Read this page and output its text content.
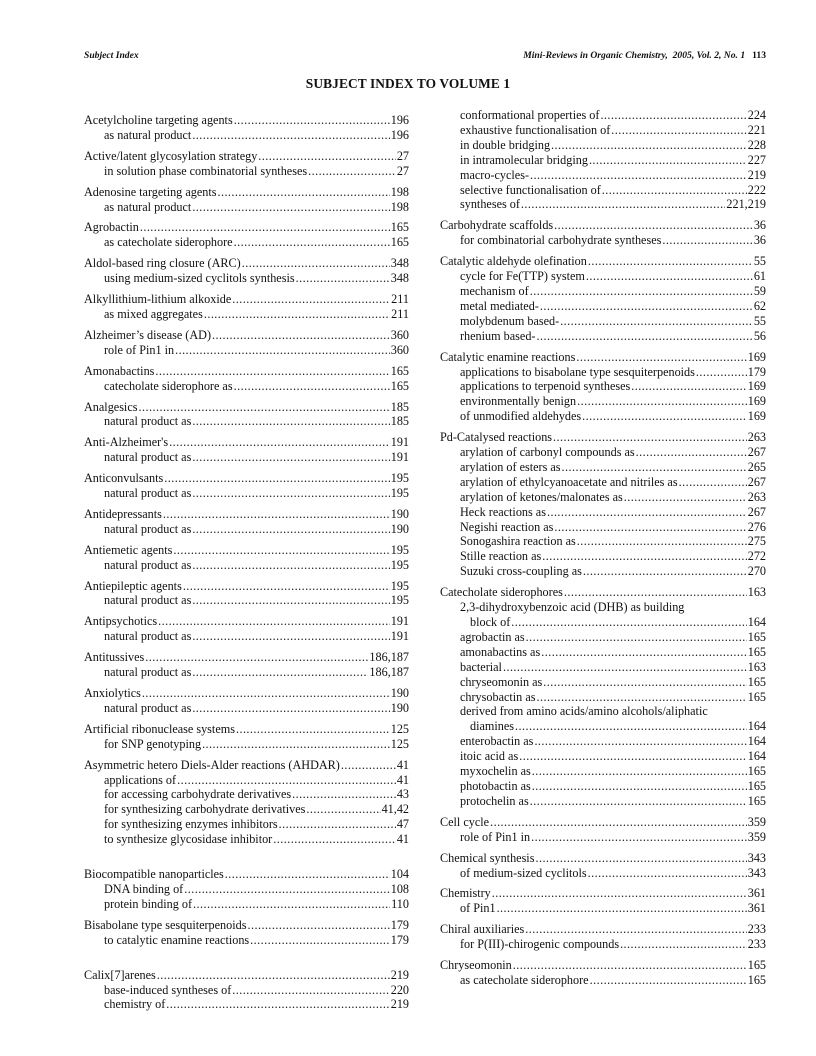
Subject Index	Mini-Reviews in Organic Chemistry,  2005, Vol. 2, No. 1 113
SUBJECT INDEX TO VOLUME 1
Acetylcholine targeting agents . . .	196
as natural product . . .	196
Active/latent glycosylation strategy . . .	27
in solution phase combinatorial syntheses . . .	27
Adenosine targeting agents . . .	198
as natural product . . .	198
Agrobactin . . .	165
as catecholate siderophore . . .	165
Aldol-based ring closure (ARC) . . .	348
using medium-sized cyclitols synthesis . . .	348
Alkyllithium-lithium alkoxide . . .	211
as mixed aggregates . . .	211
Alzheimer’s disease (AD) . . .	360
role of Pin1 in . . .	360
Amonabactins . . .	165
catecholate siderophore as . . .	165
Analgesics . . .	185
natural product as . . .	185
Anti-Alzheimer's . . .	191
natural product as . . .	191
Anticonvulsants . . .	195
natural product as . . .	195
Antidepressants . . .	190
natural product as . . .	190
Antiemetic agents . . .	195
natural product as . . .	195
Antiepileptic agents . . .	195
natural product as . . .	195
Antipsychotics . . .	191
natural product as . . .	191
Antitussives . . .	186,187
natural product as . . .	186,187
Anxiolytics . . .	190
natural product as . . .	190
Artificial ribonuclease systems . . .	125
for SNP genotyping . . .	125
Asymmetric hetero Diels-Alder reactions (AHDAR) . . .	41
applications of . . .	41
for accessing carbohydrate derivatives . . .	43
for synthesizing carbohydrate derivatives . . .	41,42
for synthesizing enzymes inhibitors . . .	47
to synthesize glycosidase inhibitor . . .	41
Biocompatible nanoparticles . . .	104
DNA binding of . . .	108
protein binding of . . .	110
Bisabolane type sesquiterpenoids . . .	179
to catalytic enamine reactions . . .	179
Calix[7]arenes . . .	219
base-induced syntheses of . . .	220
chemistry of . . .	219
conformational properties of . . .	224
exhaustive functionalisation of . . .	221
in double bridging . . .	228
in intramolecular bridging . . .	227
macro-cycles- . . .	219
selective functionalisation of . . .	222
syntheses of . . .	221,219
Carbohydrate scaffolds . . .	36
for combinatorial carbohydrate syntheses . . .	36
Catalytic aldehyde olefination . . .	55
cycle for Fe(TTP) system . . .	61
mechanism of . . .	59
metal mediated- . . .	62
molybdenum based- . . .	55
rhenium based- . . .	56
Catalytic enamine reactions . . .	169
applications to bisabolane type sesquiterpenoids . . .	179
applications to terpenoid syntheses . . .	169
environmentally benign . . .	169
of unmodified aldehydes . . .	169
Pd-Catalysed reactions . . .	263
arylation of carbonyl compounds as . . .	267
arylation of esters as . . .	265
arylation of ethylcyanoacetate and nitriles as . . .	267
arylation of ketones/malonates as . . .	263
Heck reactions as . . .	267
Negishi reaction as . . .	276
Sonogashira reaction as . . .	275
Stille reaction as . . .	272
Suzuki cross-coupling as . . .	270
Catecholate siderophores . . .	163
2,3-dihydroxybenzoic acid (DHB) as building
block of . . .	164
agrobactin as . . .	165
amonabactins as . . .	165
bacterial . . .	163
chryseomonin as . . .	165
chrysobactin as . . .	165
derived from amino acids/amino alcohols/aliphatic
diamines . . .	164
enterobactin as . . .	164
itoic acid as . . .	164
myxochelin as . . .	165
photobactin as . . .	165
protochelin as . . .	165
Cell cycle . . .	359
role of Pin1 in . . .	359
Chemical synthesis . . .	343
of medium-sized cyclitols . . .	343
Chemistry . . .	361
of Pin1 . . .	361
Chiral auxiliaries . . .	233
for P(III)-chirogenic compounds . . .	233
Chryseomonin . . .	165
as catecholate siderophore . . .	165
